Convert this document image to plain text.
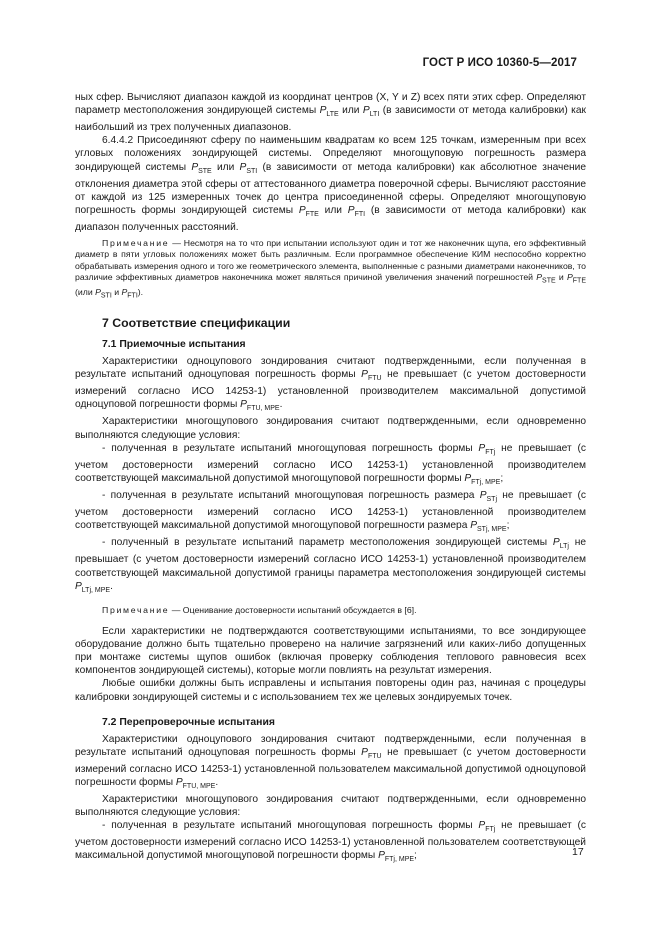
ГОСТ Р ИСО 10360-5—2017

ных сфер. Вычисляют диапазон каждой из координат центров (X, Y и Z) всех пяти этих сфер. Определяют параметр местоположения зондирующей системы $P_{LTE}$ или $P_{LTI}$ (в зависимости от метода калибровки) как наибольший из трех полученных диапазонов.

6.4.4.2 Присоединяют сферу по наименьшим квадратам ко всем 125 точкам, измеренным при всех угловых положениях зондирующей системы. Определяют многощуповую погрешность размера зондирующей системы $P_{STE}$ или $P_{STI}$ (в зависимости от метода калибровки) как абсолютное значение отклонения диаметра этой сферы от аттестованного диаметра поверочной сферы. Вычисляют расстояние от каждой из 125 измеренных точек до центра присоединенной сферы. Определяют многощуповую погрешность формы зондирующей системы $P_{FTE}$ или $P_{FTI}$ (в зависимости от метода калибровки) как диапазон полученных расстояний.

Примечание — Несмотря на то что при испытании используют один и тот же наконечник щупа, его эффективный диаметр в пяти угловых положениях может быть различным. Если программное обеспечение КИМ неспособно корректно обрабатывать измерения одного и того же геометрического элемента, выполненные с разными диаметрами наконечников, то различие эффективных диаметров наконечника может являться причиной увеличения значений погрешностей $P_{STE}$ и $P_{FTE}$ (или $P_{STI}$ и $P_{FTI}$).

7 Соответствие спецификации
7.1 Приемочные испытания

Характеристики одноцупового зондирования считают подтвержденными, если полученная в результате испытаний одноцуповая погрешность формы $P_{FTU}$ не превышает (с учетом достоверности измерений согласно ИСО 14253-1) установленной производителем максимальной допустимой одноцуповой погрешности формы $P_{FTU, MPE}$.

Характеристики многощупового зондирования считают подтвержденными, если одновременно выполняются следующие условия:

- полученная в результате испытаний многощуповая погрешность формы $P_{FTj}$ не превышает (с учетом достоверности измерений согласно ИСО 14253-1) установленной производителем соответствующей максимальной допустимой многощуповой погрешности формы $P_{FTj, MPE}$;

- полученная в результате испытаний многощуповая погрешность размера $P_{STj}$ не превышает (с учетом достоверности измерений согласно ИСО 14253-1) установленной производителем соответствующей максимальной допустимой многощуповой погрешности размера $P_{STj, MPE}$;

- полученный в результате испытаний параметр местоположения зондирующей системы $P_{LTj}$ не превышает (с учетом достоверности измерений согласно ИСО 14253-1) установленной производителем соответствующей максимальной допустимой границы параметра местоположения зондирующей системы $P_{LTj, MPE}$.

Примечание — Оценивание достоверности испытаний обсуждается в [6].

Если характеристики не подтверждаются соответствующими испытаниями, то все зондирующее оборудование должно быть тщательно проверено на наличие загрязнений или каких-либо допущенных при монтаже системы щупов ошибок (включая проверку соблюдения теплового равновесия всех компонентов зондирующей системы), которые могли повлиять на результат измерения.

Любые ошибки должны быть исправлены и испытания повторены один раз, начиная с процедуры калибровки зондирующей системы и с использованием тех же целевых зондируемых точек.

7.2 Перепроверочные испытания

Характеристики одноцупового зондирования считают подтвержденными, если полученная в результате испытаний одноцуповая погрешность формы $P_{FTU}$ не превышает (с учетом достоверности измерений согласно ИСО 14253-1) установленной пользователем максимальной допустимой одноцуповой погрешности формы $P_{FTU, MPE}$.

Характеристики многощупового зондирования считают подтвержденными, если одновременно выполняются следующие условия:

- полученная в результате испытаний многощуповая погрешность формы $P_{FTj}$ не превышает (с учетом достоверности измерений согласно ИСО 14253-1) установленной пользователем соответствующей максимальной допустимой многощуповой погрешности формы $P_{FTj, MPE}$;	17
